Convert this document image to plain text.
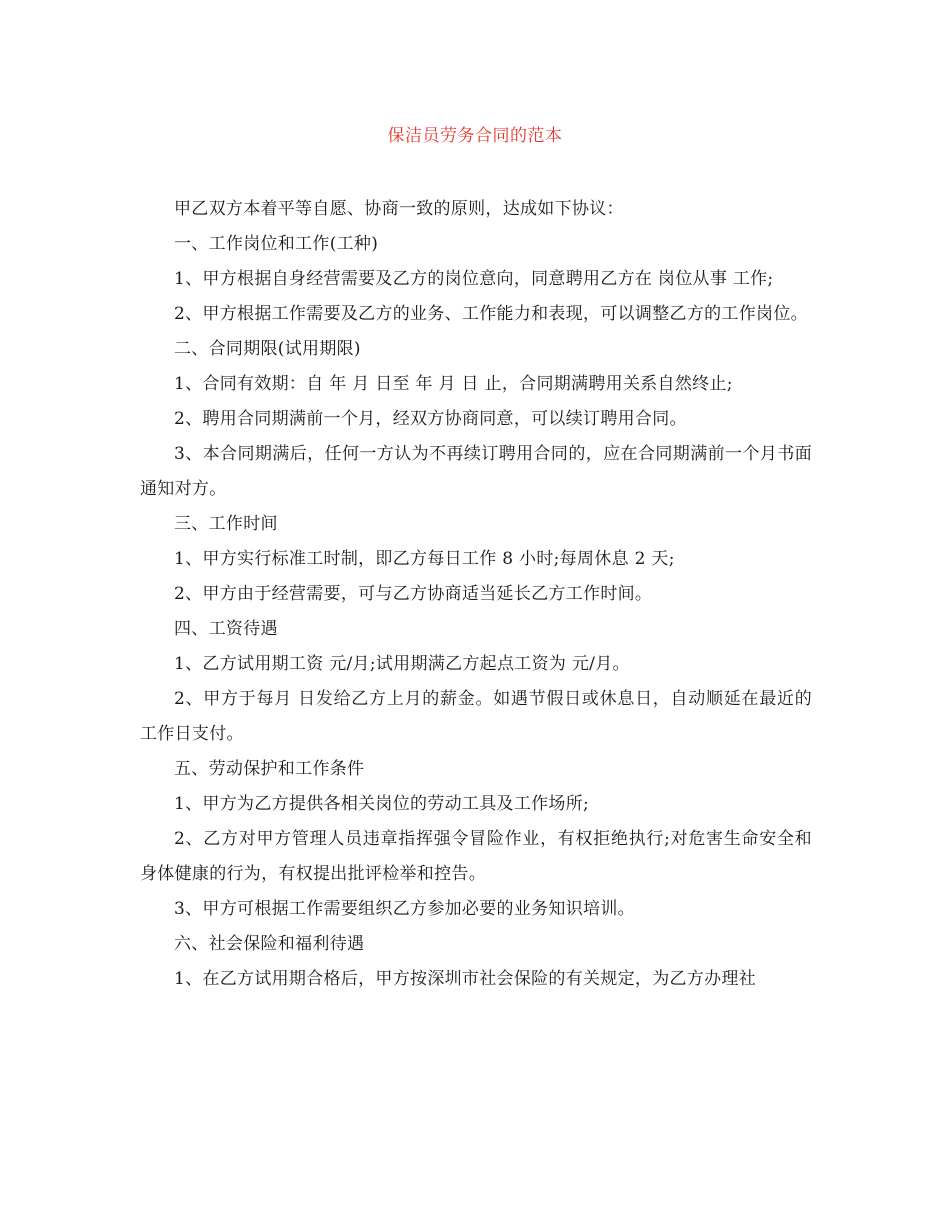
保洁员劳务合同的范本

甲乙双方本着平等自愿、协商一致的原则，达成如下协议：

一、工作岗位和工作(工种)

1、甲方根据自身经营需要及乙方的岗位意向，同意聘用乙方在 岗位从事 工作;

2、甲方根据工作需要及乙方的业务、工作能力和表现，可以调整乙方的工作岗位。

二、合同期限(试用期限)

1、合同有效期：自 年 月 日至 年 月 日 止，合同期满聘用关系自然终止;

2、聘用合同期满前一个月，经双方协商同意，可以续订聘用合同。

3、本合同期满后，任何一方认为不再续订聘用合同的，应在合同期满前一个月书面通知对方。

三、工作时间

1、甲方实行标准工时制，即乙方每日工作 8 小时;每周休息 2 天;

2、甲方由于经营需要，可与乙方协商适当延长乙方工作时间。

四、工资待遇

1、乙方试用期工资 元/月;试用期满乙方起点工资为 元/月。

2、甲方于每月 日发给乙方上月的薪金。如遇节假日或休息日，自动顺延在最近的工作日支付。

五、劳动保护和工作条件

1、甲方为乙方提供各相关岗位的劳动工具及工作场所;

2、乙方对甲方管理人员违章指挥强令冒险作业，有权拒绝执行;对危害生命安全和身体健康的行为，有权提出批评检举和控告。

3、甲方可根据工作需要组织乙方参加必要的业务知识培训。

六、社会保险和福利待遇

1、在乙方试用期合格后，甲方按深圳市社会保险的有关规定，为乙方办理社
